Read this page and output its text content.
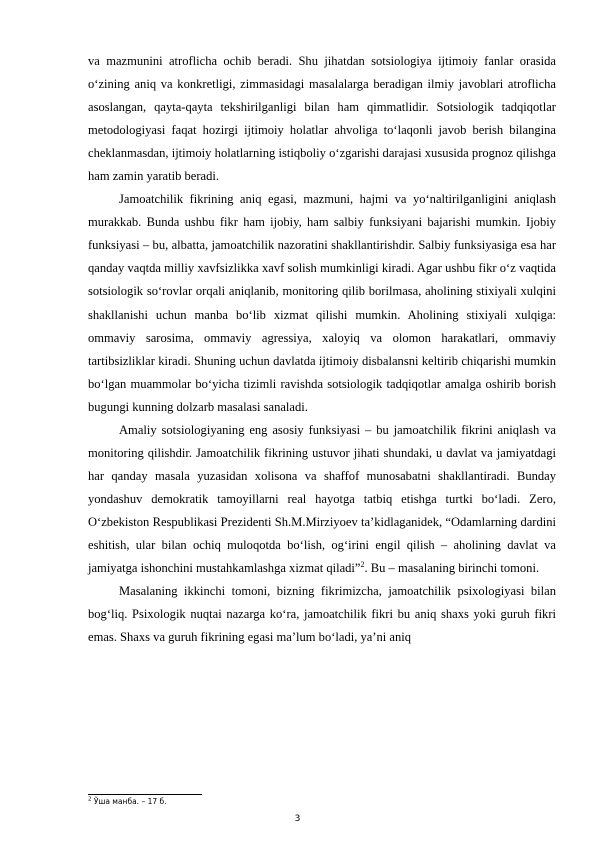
va mazmunini atroflicha ochib beradi. Shu jihatdan sotsiologiya ijtimoiy fanlar orasida o‘zining aniq va konkretligi, zimmasidagi masalalarga beradigan ilmiy javoblari atroflicha asoslangan, qayta-qayta tekshirilganligi bilan ham qimmatlidir. Sotsiologik tadqiqotlar metodologiyasi faqat hozirgi ijtimoiy holatlar ahvoliga to‘laqonli javob berish bilangina cheklanmasdan, ijtimoiy holatlarning istiqboliy o‘zgarishi darajasi xususida prognoz qilishga ham zamin yaratib beradi.

Jamoatchilik fikrining aniq egasi, mazmuni, hajmi va yo‘naltirilganligini aniqlash murakkab. Bunda ushbu fikr ham ijobiy, ham salbiy funksiyani bajarishi mumkin. Ijobiy funksiyasi – bu, albatta, jamoatchilik nazoratini shakllantirishdir. Salbiy funksiyasiga esa har qanday vaqtda milliy xavfsizlikka xavf solish mumkinligi kiradi. Agar ushbu fikr o‘z vaqtida sotsiologik so‘rovlar orqali aniqlanib, monitoring qilib borilmasa, aholining stixiyali xulqini shakllanishi uchun manba bo‘lib xizmat qilishi mumkin. Aholining stixiyali xulqiga: ommaviy sarosima, ommaviy agressiya, xaloyiq va olomon harakatlari, ommaviy tartibsizliklar kiradi. Shuning uchun davlatda ijtimoiy disbalansni keltirib chiqarishi mumkin bo‘lgan muammolar bo‘yicha tizimli ravishda sotsiologik tadqiqotlar amalga oshirib borish bugungi kunning dolzarb masalasi sanaladi.

Amaliy sotsiologiyaning eng asosiy funksiyasi – bu jamoatchilik fikrini aniqlash va monitoring qilishdir. Jamoatchilik fikrining ustuvor jihati shundaki, u davlat va jamiyatdagi har qanday masala yuzasidan xolisona va shaffof munosabatni shakllantiradi. Bunday yondashuv demokratik tamoyillarni real hayotga tatbiq etishga turtki bo‘ladi. Zero, O‘zbekiston Respublikasi Prezidenti Sh.M.Mirziyoev ta’kidlaganidek, “Odamlarning dardini eshitish, ular bilan ochiq muloqotda bo‘lish, og‘irini engil qilish – aholining davlat va jamiyatga ishonchini mustahkamlashga xizmat qiladi”$^2$. Bu – masalaning birinchi tomoni.

Masalaning ikkinchi tomoni, bizning fikrimizcha, jamoatchilik psixologiyasi bilan bog‘liq. Psixologik nuqtai nazarga ko‘ra, jamoatchilik fikri bu aniq shaxs yoki guruh fikri emas. Shaxs va guruh fikrining egasi ma’lum bo‘ladi, ya’ni aniq

$^2$ Ўша манба. – 17 б.
3
